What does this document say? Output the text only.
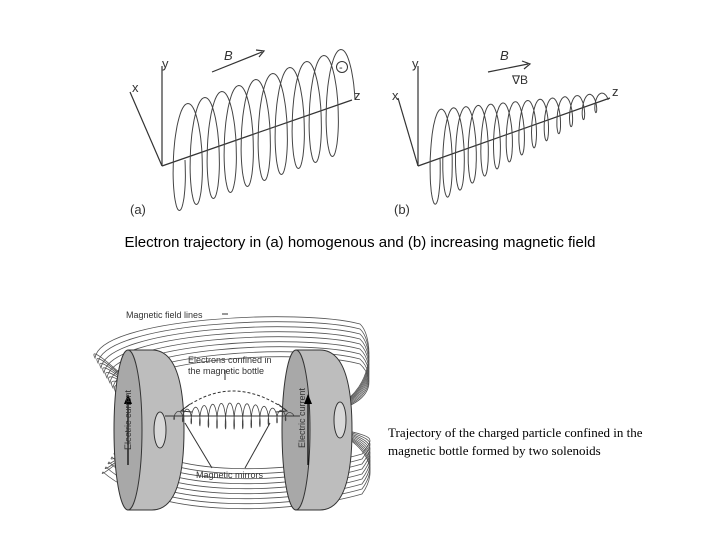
y
x
z
B
-
(a)
y
x	z
B
∇B
(b)
Electron trajectory in (a) homogenous and (b) increasing magnetic field
Electric current	Electric current
Magnetic field lines
Electrons confined in
the magnetic bottle
Magnetic mirrors
Trajectory of the charged particle confined in the magnetic bottle formed by two solenoids
